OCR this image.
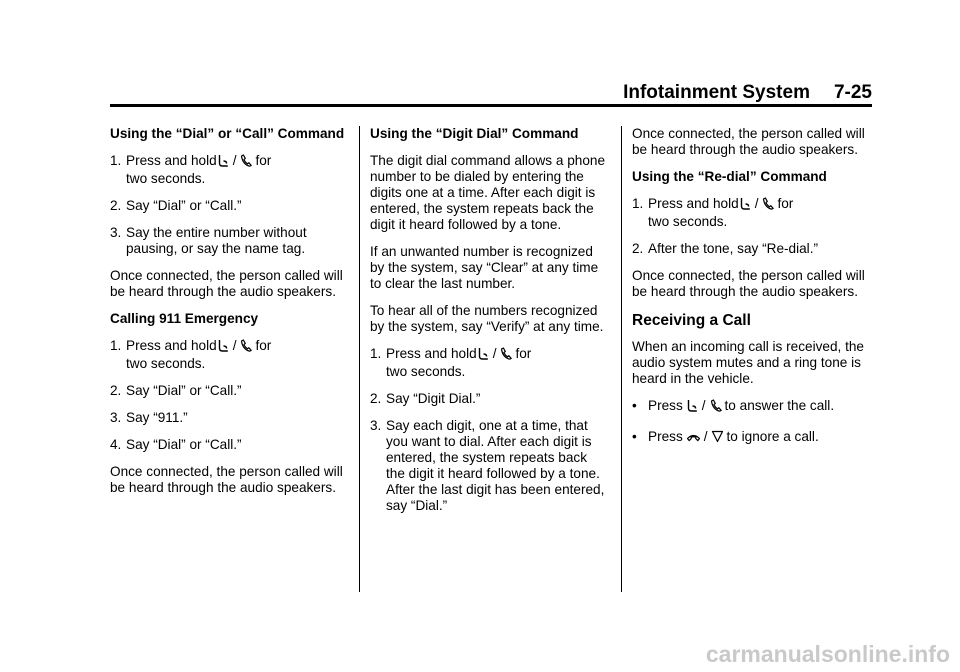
Infotainment System 7-25
Using the “Dial” or “Call” Command
1. Press and hold / for
two seconds.
2. Say “Dial” or “Call.”
3. Say the entire number without pausing, or say the name tag.
Once connected, the person called will be heard through the audio speakers.
Calling 911 Emergency
1. Press and hold / for
two seconds.
2. Say “Dial” or “Call.”
3. Say “911.”
4. Say “Dial” or “Call.”
Once connected, the person called will be heard through the audio speakers.
Using the “Digit Dial” Command
The digit dial command allows a phone number to be dialed by entering the digits one at a time. After each digit is entered, the system repeats back the digit it heard followed by a tone.
If an unwanted number is recognized by the system, say “Clear” at any time to clear the last number.
To hear all of the numbers recognized by the system, say “Verify” at any time.
1. Press and hold / for
two seconds.
2. Say “Digit Dial.”
3. Say each digit, one at a time, that you want to dial. After each digit is entered, the system repeats back the digit it heard followed by a tone. After the last digit has been entered, say “Dial.”
Once connected, the person called will be heard through the audio speakers.
Using the “Re-dial” Command
1. Press and hold / for
two seconds.
2. After the tone, say “Re-dial.”
Once connected, the person called will be heard through the audio speakers.
Receiving a Call
When an incoming call is received, the audio system mutes and a ring tone is heard in the vehicle.
• Press / to answer the call.
• Press / to ignore a call.
carmanualsonline.info
